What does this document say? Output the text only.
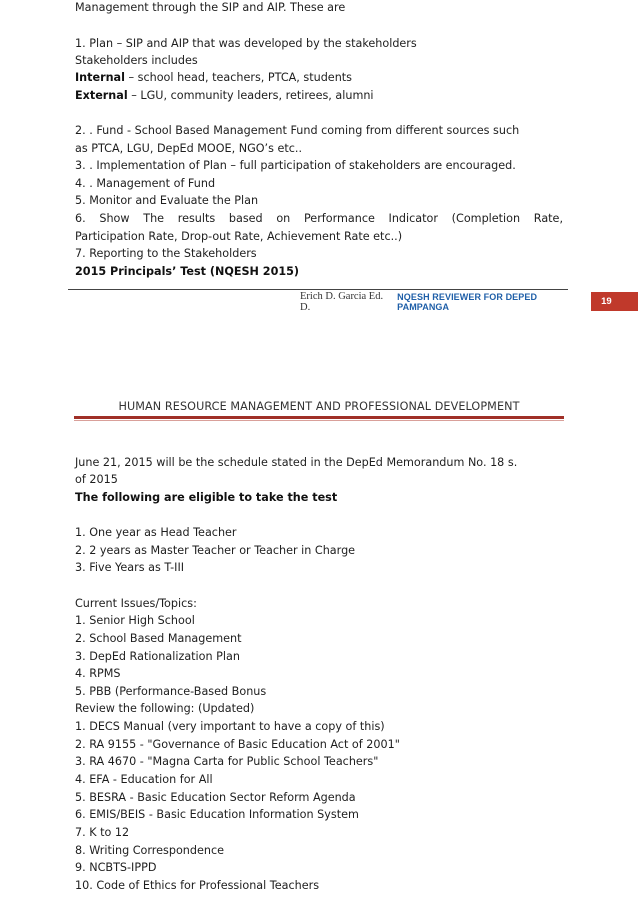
Management through the SIP and AIP. These are
1. Plan – SIP and AIP that was developed by the stakeholders
Stakeholders includes
Internal – school head, teachers, PTCA, students
External – LGU, community leaders, retirees, alumni
2. . Fund - School Based Management Fund coming from different sources such
as PTCA, LGU, DepEd MOOE, NGO’s etc..
3. . Implementation of Plan – full participation of stakeholders are encouraged.
4. . Management of Fund
5. Monitor and Evaluate the Plan
6. Show The results based on Performance Indicator (Completion Rate,
Participation Rate, Drop-out Rate, Achievement Rate etc..)
7. Reporting to the Stakeholders
2015 Principals’ Test (NQESH 2015)
Erich D. Garcia Ed. D.
NQESH REVIEWER FOR DEPED PAMPANGA	19
HUMAN RESOURCE MANAGEMENT AND PROFESSIONAL DEVELOPMENT
June 21, 2015 will be the schedule stated in the DepEd Memorandum No. 18 s.
of 2015
The following are eligible to take the test
1. One year as Head Teacher
2. 2 years as Master Teacher or Teacher in Charge
3. Five Years as T-III
Current Issues/Topics:
1. Senior High School
2. School Based Management
3. DepEd Rationalization Plan
4. RPMS
5. PBB (Performance-Based Bonus
Review the following: (Updated)
1. DECS Manual (very important to have a copy of this)
2. RA 9155 - "Governance of Basic Education Act of 2001"
3. RA 4670 - "Magna Carta for Public School Teachers"
4. EFA - Education for All
5. BESRA - Basic Education Sector Reform Agenda
6. EMIS/BEIS - Basic Education Information System
7. K to 12
8. Writing Correspondence
9. NCBTS-IPPD
10. Code of Ethics for Professional Teachers
